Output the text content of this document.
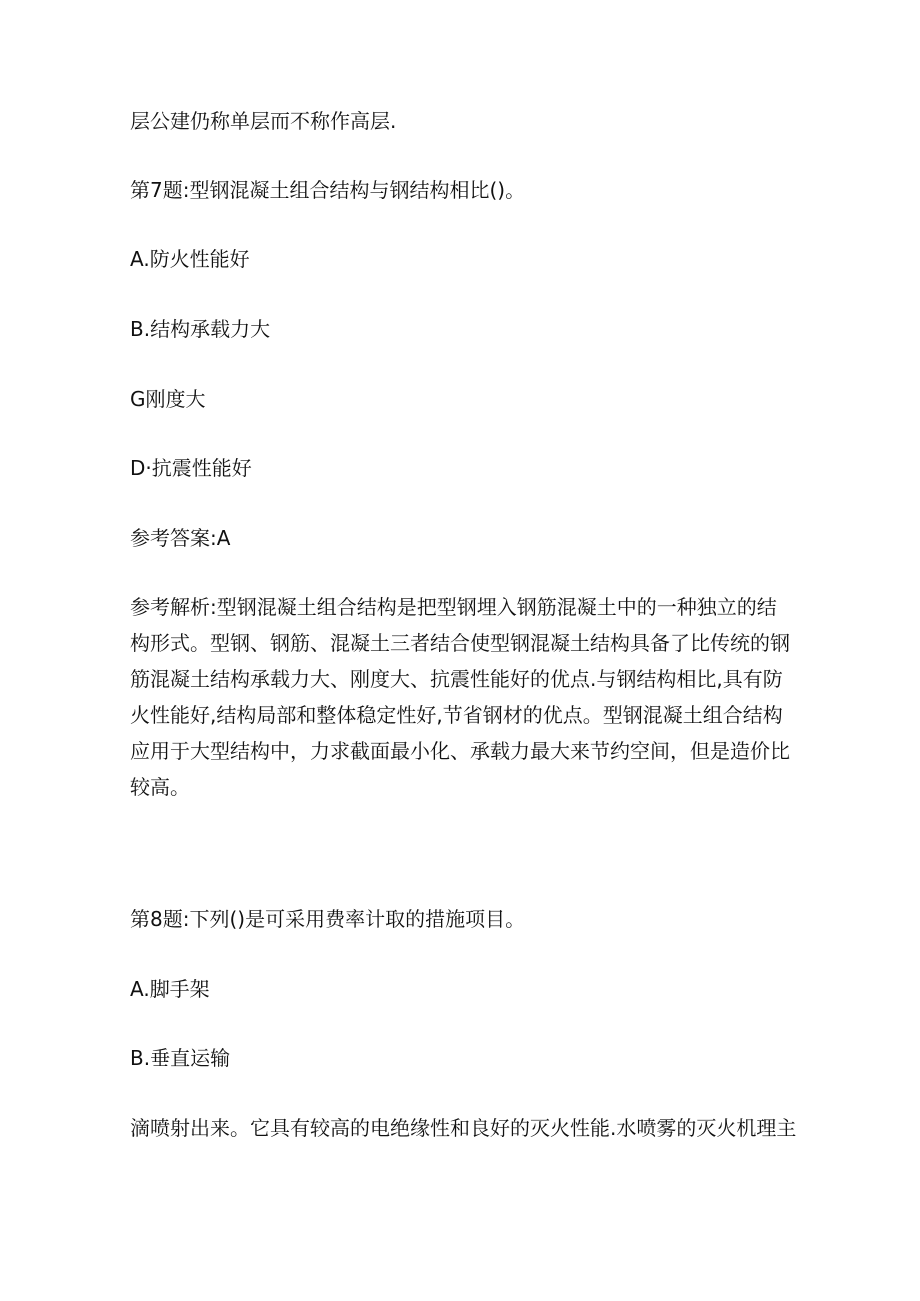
层公建仍称单层而不称作高层.
第7题:型钢混凝土组合结构与钢结构相比()。
A.防火性能好
B.结构承载力大
G刚度大
D·抗震性能好
参考答案:A
参考解析:型钢混凝土组合结构是把型钢埋入钢筋混凝土中的一种独立的结
构形式。型钢、钢筋、混凝土三者结合使型钢混凝土结构具备了比传统的钢
筋混凝土结构承载力大、刚度大、抗震性能好的优点.与钢结构相比,具有防
火性能好,结构局部和整体稳定性好,节省钢材的优点。型钢混凝土组合结构
应用于大型结构中，力求截面最小化、承载力最大来节约空间，但是造价比
较高。
第8题:下列()是可采用费率计取的措施项目。
A.脚手架
B.垂直运输
滴喷射出来。它具有较高的电绝缘性和良好的灭火性能.水喷雾的灭火机理主
